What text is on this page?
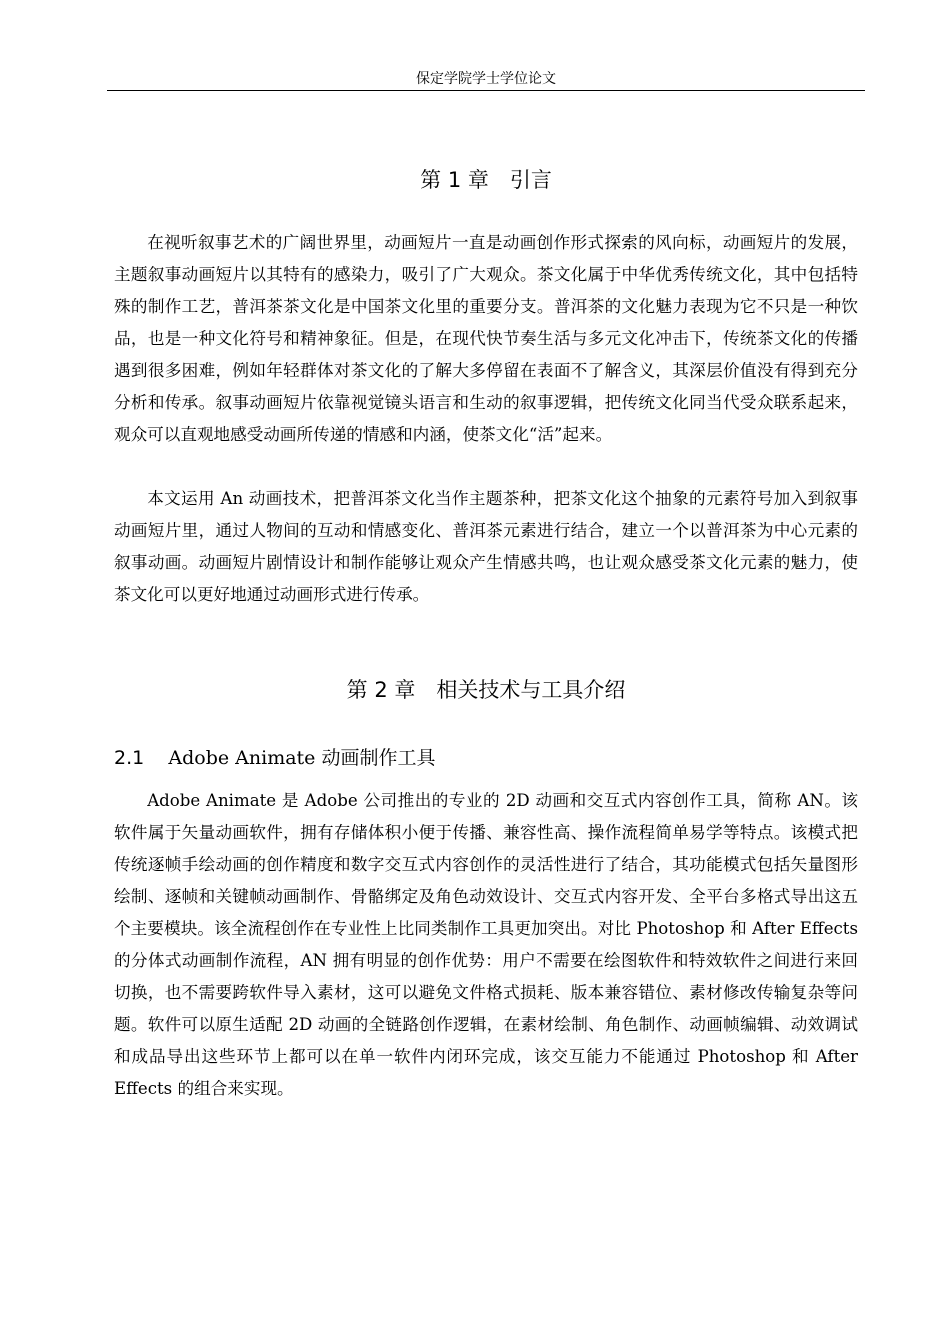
保定学院学士学位论文
第 1 章　引言

在视听叙事艺术的广阔世界里，动画短片一直是动画创作形式探索的风向标，动画短片的发展，主题叙事动画短片以其特有的感染力，吸引了广大观众。茶文化属于中华优秀传统文化，其中包括特殊的制作工艺，普洱茶茶文化是中国茶文化里的重要分支。普洱茶的文化魅力表现为它不只是一种饮品，也是一种文化符号和精神象征。但是，在现代快节奏生活与多元文化冲击下，传统茶文化的传播遇到很多困难，例如年轻群体对茶文化的了解大多停留在表面不了解含义，其深层价值没有得到充分分析和传承。叙事动画短片依靠视觉镜头语言和生动的叙事逻辑，把传统文化同当代受众联系起来，观众可以直观地感受动画所传递的情感和内涵，使茶文化“活”起来。

本文运用 An 动画技术，把普洱茶文化当作主题茶种，把茶文化这个抽象的元素符号加入到叙事动画短片里，通过人物间的互动和情感变化、普洱茶元素进行结合，建立一个以普洱茶为中心元素的叙事动画。动画短片剧情设计和制作能够让观众产生情感共鸣，也让观众感受茶文化元素的魅力，使茶文化可以更好地通过动画形式进行传承。

第 2 章　相关技术与工具介绍
2.1 Adobe Animate 动画制作工具

Adobe Animate 是 Adobe 公司推出的专业的 2D 动画和交互式内容创作工具，简称 AN。该软件属于矢量动画软件，拥有存储体积小便于传播、兼容性高、操作流程简单易学等特点。该模式把传统逐帧手绘动画的创作精度和数字交互式内容创作的灵活性进行了结合，其功能模式包括矢量图形绘制、逐帧和关键帧动画制作、骨骼绑定及角色动效设计、交互式内容开发、全平台多格式导出这五个主要模块。该全流程创作在专业性上比同类制作工具更加突出。对比 Photoshop 和 After Effects 的分体式动画制作流程，AN 拥有明显的创作优势：用户不需要在绘图软件和特效软件之间进行来回切换，也不需要跨软件导入素材，这可以避免文件格式损耗、版本兼容错位、素材修改传输复杂等问题。软件可以原生适配 2D 动画的全链路创作逻辑，在素材绘制、角色制作、动画帧编辑、动效调试和成品导出这些环节上都可以在单一软件内闭环完成，该交互能力不能通过 Photoshop 和 After Effects 的组合来实现。
